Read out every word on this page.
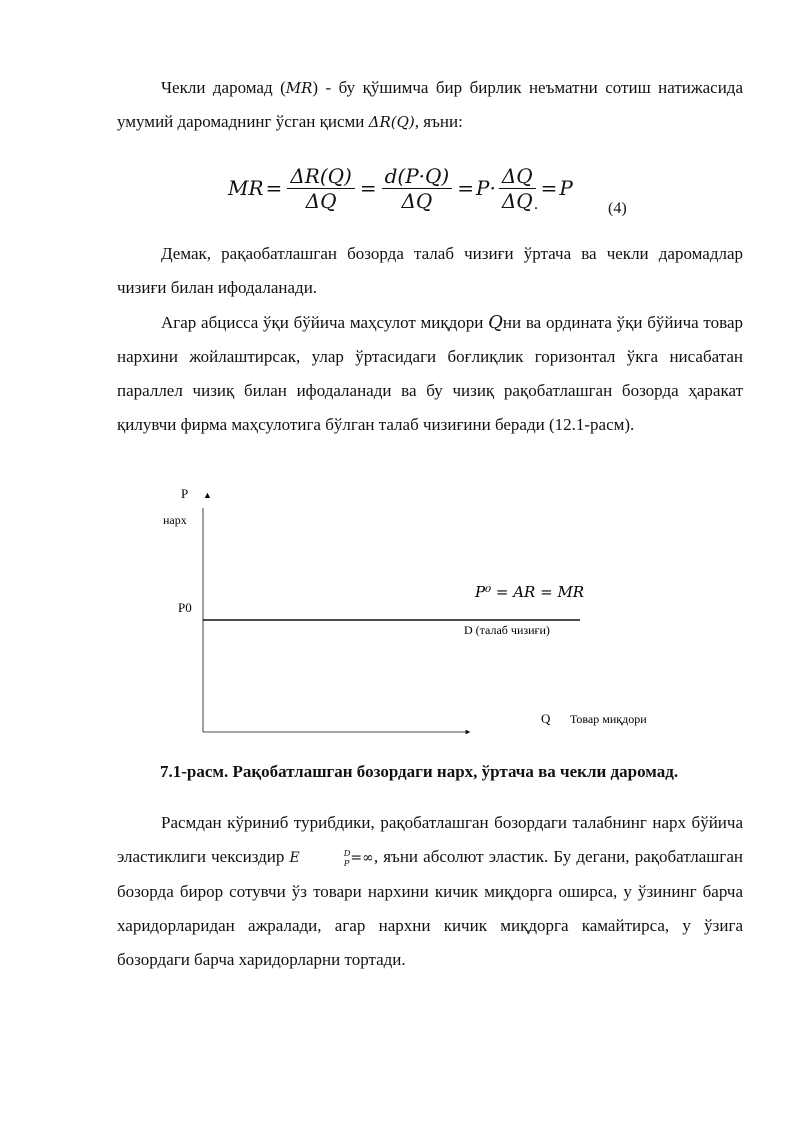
Чекли даромад (MR) - бу қўшимча бир бирлик неъматни сотиш натижасида умумий даромаднинг ўсган қисми ΔR(Q), яъни:
MR = $\frac{\Delta R(Q)}{\Delta Q} = \frac{d(P\cdot Q)}{\Delta Q} = P\cdot \frac{\Delta Q}{\Delta Q} = P$
.	(4)
Демак, рақаобатлашган бозорда талаб чизиғи ўртача ва чекли даромадлар чизиғи билан ифодаланади.
Агар абцисса ўқи бўйича маҳсулот миқдори Qни ва ордината ўқи бўйича товар нархини жойлаштирсак, улар ўртасидаги боғлиқлик горизонтал ўкга нисабатан параллел чизиқ билан ифодаланади ва бу чизиқ рақобатлашган бозорда ҳаракат қилувчи фирма маҳсулотига бўлган талаб чизиғини беради (12.1-расм).
P ▲
нарх
P0
P⁰ = AR = MR
D (талаб чизиғи)
Q Товар миқдори
7.1-расм. Рақобатлашган бозордаги нарх, ўртача ва чекли даромад.
Расмдан кўриниб турибдики, рақобатлашган бозордаги талабнинг нарх бўйича эластиклиги чексиздир E	D
P =∞, яъни абсолют эластик. Бу дегани, рақобатлашган бозорда бирор сотувчи ўз товари нархини кичик миқдорга оширса, у ўзининг барча харидорларидан ажралади, агар нархни кичик миқдорга камайтирса, у ўзига бозордаги барча харидорларни тортади.
